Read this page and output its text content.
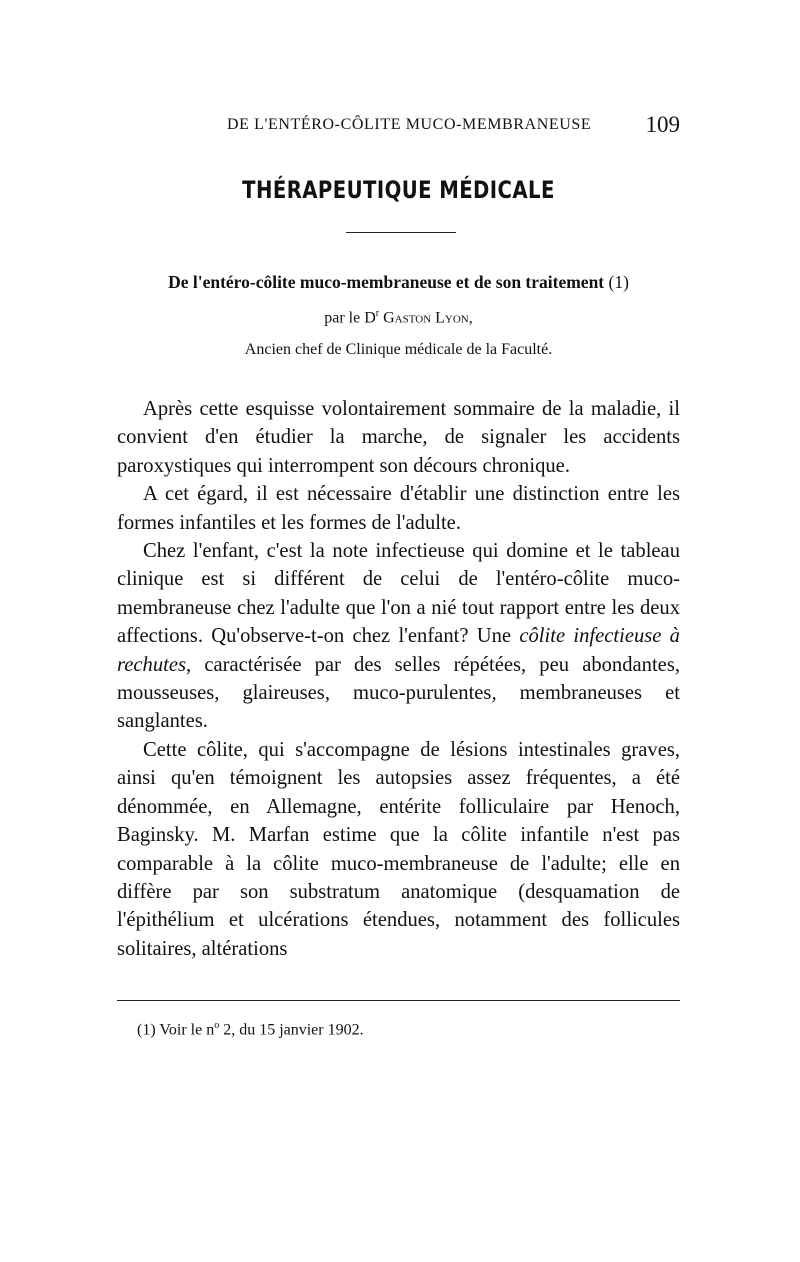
DE L'ENTÉRO-CÔLITE MUCO-MEMBRANEUSE 109
THÉRAPEUTIQUE MÉDICALE
De l'entéro-côlite muco-membraneuse et de son traitement (1)
par le $D^r$ Gaston Lyon,
Ancien chef de Clinique médicale de la Faculté.

Après cette esquisse volontairement sommaire de la maladie, il convient d'en étudier la marche, de signaler les accidents paroxystiques qui interrompent son décours chronique.

A cet égard, il est nécessaire d'établir une distinction entre les formes infantiles et les formes de l'adulte.

Chez l'enfant, c'est la note infectieuse qui domine et le tableau clinique est si différent de celui de l'entéro-côlite muco-membraneuse chez l'adulte que l'on a nié tout rapport entre les deux affections. Qu'observe-t-on chez l'enfant? Une côlite infectieuse à rechutes, caractérisée par des selles répétées, peu abondantes, mousseuses, glaireuses, muco-purulentes, membraneuses et sanglantes.

Cette côlite, qui s'accompagne de lésions intestinales graves, ainsi qu'en témoignent les autopsies assez fréquentes, a été dénommée, en Allemagne, entérite folliculaire par Henoch, Baginsky. M. Marfan estime que la côlite infantile n'est pas comparable à la côlite muco-membraneuse de l'adulte; elle en diffère par son substratum anatomique (desquamation de l'épithélium et ulcérations étendues, notamment des follicules solitaires, altérations

(1) Voir le $n^o$ 2, du 15 janvier 1902.
